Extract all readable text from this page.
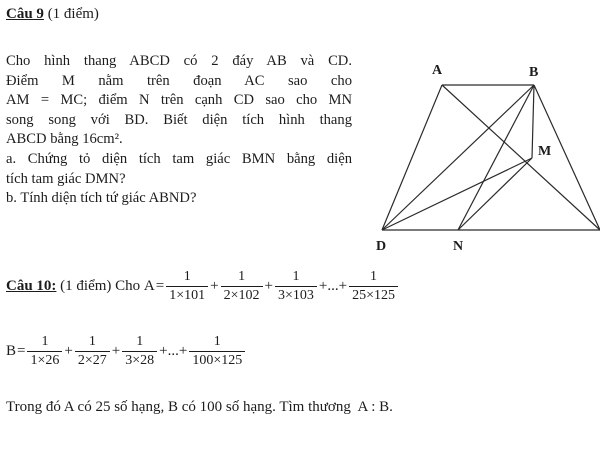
Câu 9 (1 điểm)
Cho hình thang ABCD có 2 đáy AB và CD.
Điểm M nằm trên đoạn AC sao cho
AM = MC; điểm N trên cạnh CD sao cho MN
song song với BD. Biết diện tích hình thang
ABCD bằng 16cm².
a. Chứng tỏ diện tích tam giác BMN bằng diện
tích tam giác DMN?
b. Tính diện tích tứ giác ABND?
A	B
M
D	N
Câu 10: (1 điểm) Cho $A = \frac{1}{1\times 101} + \frac{1}{2\times 102} + \frac{1}{3\times 103}$ +...+ $\frac{1}{25\times 125}$
$B = \frac{1}{1\times 26} + \frac{1}{2\times 27} + \frac{1}{3\times 28}$ +...+ $\frac{1}{100\times 125}$
Trong đó A có 25 số hạng, B có 100 số hạng. Tìm thương  A : B.
